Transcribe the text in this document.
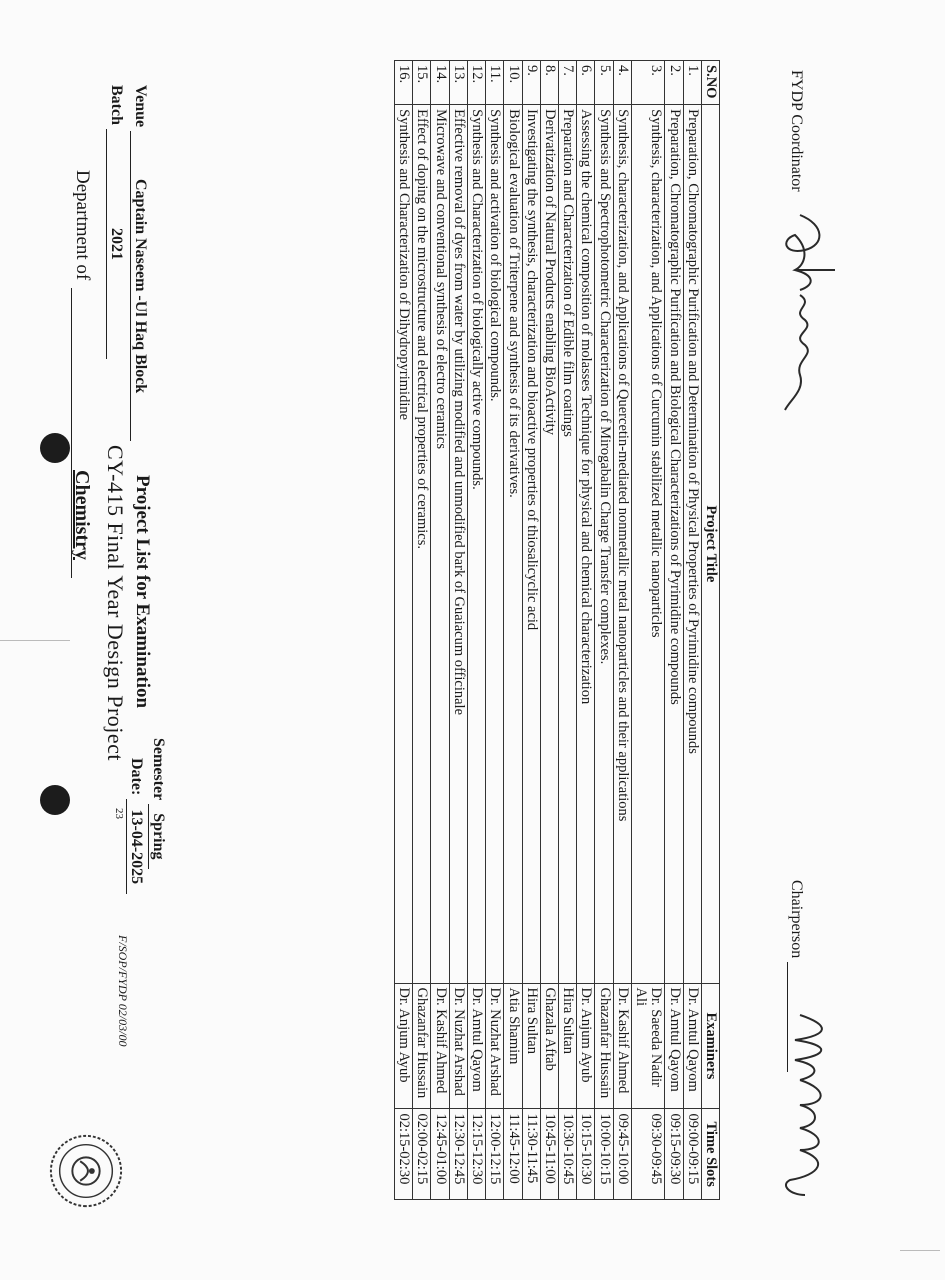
F/SOP/FYDP 02/03/00
Department of
Chemistry CY-415 Final Year Design Project Project List for Examination
Batch 2021
Venue Captain Naseem -Ul Haq Block
23
Date: 13-04-2025
Semester Spring
S.NO	Project Title	Examiners	Time Slots
1.	Preparation, Chromatographic Purification and Determination of Physical Properties of Pyrimidine compounds	Dr. Amtul Qayom	09:00-09:15
2.	Preparation, Chromatographic Purification and Biological Characterizations of Pyrimidine compounds	Dr. Amtul Qayom	09:15-09:30
3.	Synthesis, characterization, and Applications of Curcumin stabilized metallic nanoparticles	Dr. Saeeda Nadir Ali	09:30-09:45
4.	Synthesis, characterization, and Applications of Quercetin-mediated nonmetallic metal nanoparticles and their applications	Dr. Kashif Ahmed	09:45-10:00
5.	Synthesis and Spectrophotometric Characterization of Mirogabalin Charge Transfer complexes.	Ghazanfar Hussain	10:00-10:15
6.	Assessing the chemical composition of molasses Technique for physical and chemical characterization	Dr. Anjum Ayub	10:15-10:30
7.	Preparation and Characterization of Edible film coatings	Hira Sultan	10:30-10:45
8.	Derivatization of Natural Products enabling BioActivity	Ghazala Aftab	10:45-11:00
9.	Investigating the synthesis, characterization and bioactive properties of thiosalicyclic acid	Hira Sultan	11:30-11:45
10.	Biological evaluation of Triterpene and synthesis of its derivatives.	Atia Shamim	11:45-12:00
11.	Synthesis and activation of biological compounds.	Dr. Nuzhat Arshad	12:00-12:15
12.	Synthesis and Characterization of biologically active compounds.	Dr. Amtul Qayom	12:15-12:30
13.	Effective removal of dyes from water by utilizing modified and unmodified bark of Guaiacum officinale	Dr. Nuzhat Arshad	12:30-12:45
14.	Microwave and conventional synthesis of electro ceramics	Dr. Kashif Ahmed	12:45-01:00
15.	Effect of doping on the microstructure and electrical properties of ceramics.	Ghazanfar Hussain	02:00-02:15
16.	Synthesis and Characterization of Dihydropyrimidine	Dr. Anjum Ayub	02:15-02:30
FYDP Coordinator
Chairperson
